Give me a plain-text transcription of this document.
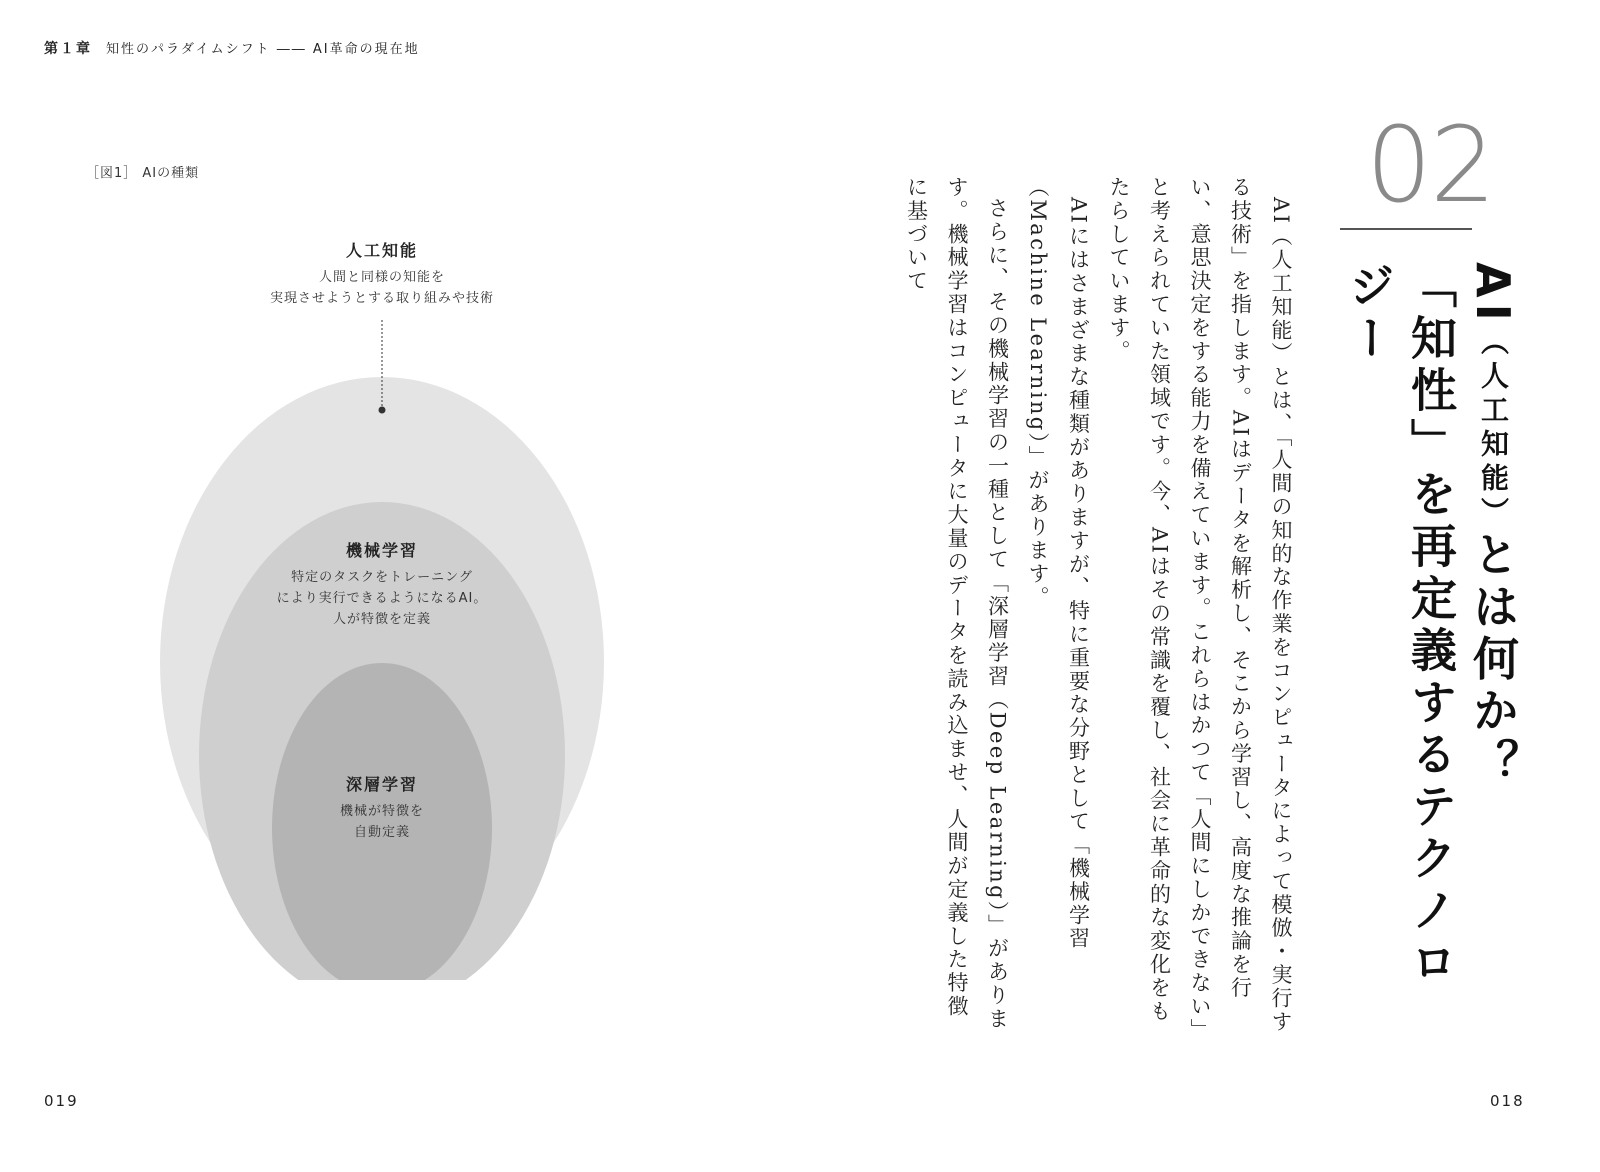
第１章 知性のパラダイムシフト ―― AI革命の現在地
［図1］ AIの種類
人工知能
人間と同様の知能を
実現させようとする取り組みや技術
機械学習
特定のタスクをトレーニング
により実行できるようになるAI。
人が特徴を定義
深層学習
機械が特徴を
自動定義
019	018
02
AI（人工知能）とは何か？
「知性」を再定義するテクノロジー

AI（人工知能）とは、「人間の知的な作業をコンピュータによって模倣・実行する技術」を指します。AIはデータを解析し、そこから学習し、高度な推論を行い、意思決定をする能力を備えています。これらはかつて「人間にしかできない」と考えられていた領域です。今、AIはその常識を覆し、社会に革命的な変化をもたらしています。

AIにはさまざまな種類がありますが、特に重要な分野として「機械学習（Machine Learning）」があります。

さらに、その機械学習の一種として「深層学習（Deep Learning）」があります。機械学習はコンピュータに大量のデータを読み込ませ、人間が定義した特徴に基づいて
